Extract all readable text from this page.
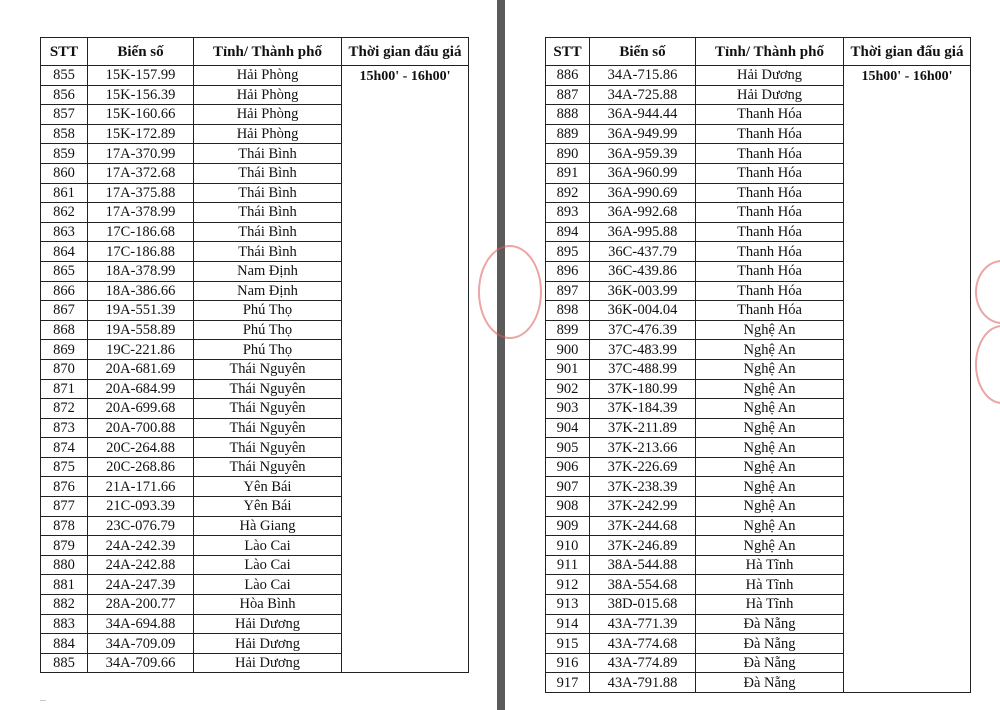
STT	Biển số	Tỉnh/ Thành phố	Thời gian đấu giá
855	15K-157.99	Hải Phòng	15h00' - 16h00'
856	15K-156.39	Hải Phòng	
857	15K-160.66	Hải Phòng	
858	15K-172.89	Hải Phòng	
859	17A-370.99	Thái Bình	
860	17A-372.68	Thái Bình	
861	17A-375.88	Thái Bình	
862	17A-378.99	Thái Bình	
863	17C-186.68	Thái Bình	
864	17C-186.88	Thái Bình	
865	18A-378.99	Nam Định	
866	18A-386.66	Nam Định	
867	19A-551.39	Phú Thọ	
868	19A-558.89	Phú Thọ	
869	19C-221.86	Phú Thọ	
870	20A-681.69	Thái Nguyên	
871	20A-684.99	Thái Nguyên	
872	20A-699.68	Thái Nguyên	
873	20A-700.88	Thái Nguyên	
874	20C-264.88	Thái Nguyên	
875	20C-268.86	Thái Nguyên	
876	21A-171.66	Yên Bái	
877	21C-093.39	Yên Bái	
878	23C-076.79	Hà Giang	
879	24A-242.39	Lào Cai	
880	24A-242.88	Lào Cai	
881	24A-247.39	Lào Cai	
882	28A-200.77	Hòa Bình	
883	34A-694.88	Hải Dương	
884	34A-709.09	Hải Dương	
885	34A-709.66	Hải Dương	
—
STT	Biển số	Tỉnh/ Thành phố	Thời gian đấu giá
886	34A-715.86	Hải Dương	15h00' - 16h00'
887	34A-725.88	Hải Dương	
888	36A-944.44	Thanh Hóa	
889	36A-949.99	Thanh Hóa	
890	36A-959.39	Thanh Hóa	
891	36A-960.99	Thanh Hóa	
892	36A-990.69	Thanh Hóa	
893	36A-992.68	Thanh Hóa	
894	36A-995.88	Thanh Hóa	
895	36C-437.79	Thanh Hóa	
896	36C-439.86	Thanh Hóa	
897	36K-003.99	Thanh Hóa	
898	36K-004.04	Thanh Hóa	
899	37C-476.39	Nghệ An	
900	37C-483.99	Nghệ An	
901	37C-488.99	Nghệ An	
902	37K-180.99	Nghệ An	
903	37K-184.39	Nghệ An	
904	37K-211.89	Nghệ An	
905	37K-213.66	Nghệ An	
906	37K-226.69	Nghệ An	
907	37K-238.39	Nghệ An	
908	37K-242.99	Nghệ An	
909	37K-244.68	Nghệ An	
910	37K-246.89	Nghệ An	
911	38A-544.88	Hà Tĩnh	
912	38A-554.68	Hà Tĩnh	
913	38D-015.68	Hà Tĩnh	
914	43A-771.39	Đà Nẵng	
915	43A-774.68	Đà Nẵng	
916	43A-774.89	Đà Nẵng	
917	43A-791.88	Đà Nẵng	
